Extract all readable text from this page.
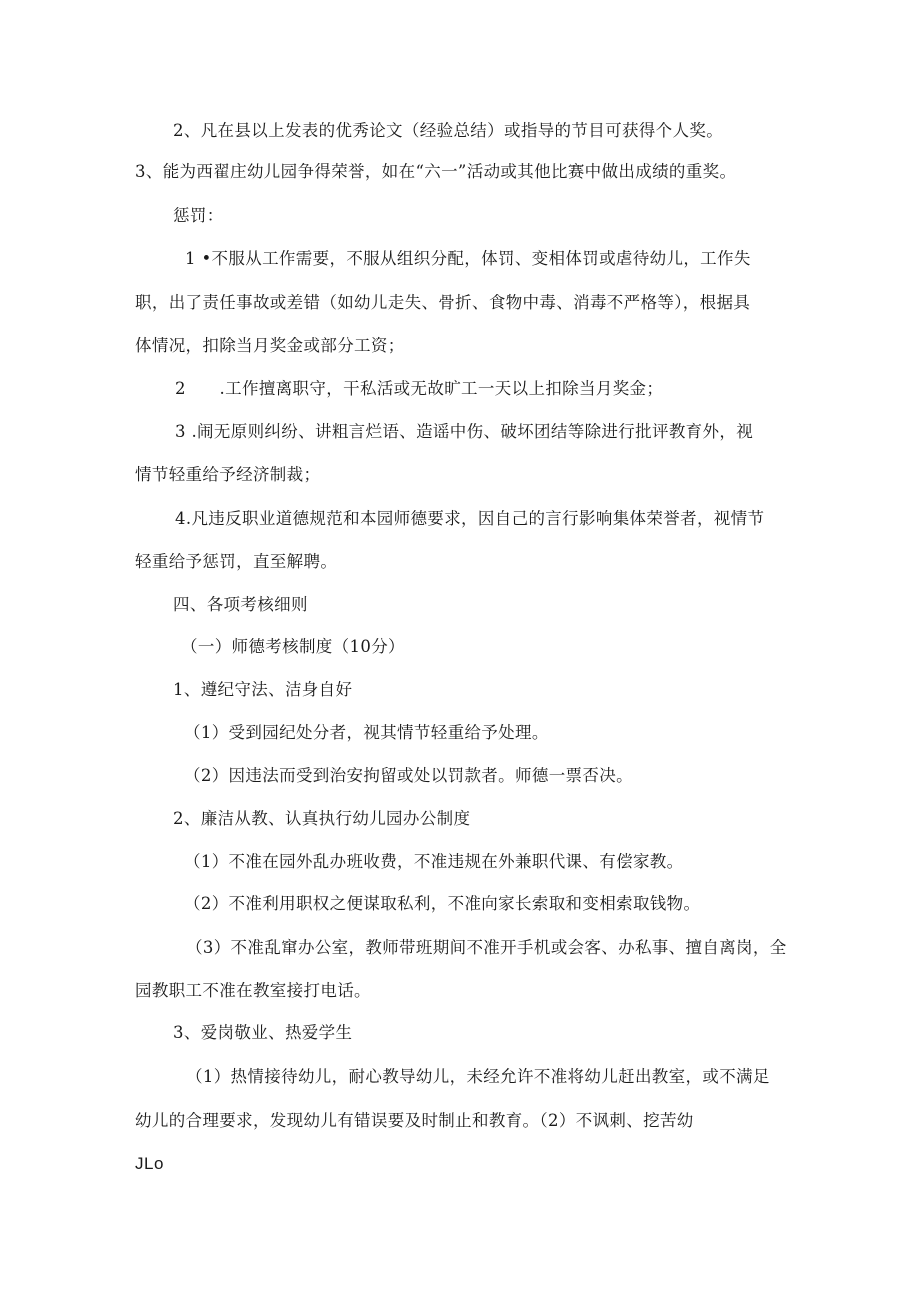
2、凡在县以上发表的优秀论文（经验总结）或指导的节目可获得个人奖。
3、能为西翟庄幼儿园争得荣誉，如在“六一”活动或其他比赛中做出成绩的重奖。
惩罚：
1 •不服从工作需要，不服从组织分配，体罚、变相体罚或虐待幼儿，工作失
职，出了责任事故或差错（如幼儿走失、骨折、食物中毒、消毒不严格等），根据具
体情况，扣除当月奖金或部分工资；
2　　.工作擅离职守，干私活或无故旷工一天以上扣除当月奖金；
3 .闹无原则纠纷、讲粗言烂语、造谣中伤、破坏团结等除进行批评教育外，视
情节轻重给予经济制裁；
4.凡违反职业道德规范和本园师德要求，因自己的言行影响集体荣誉者，视情节
轻重给予惩罚，直至解聘。
四、各项考核细则
（一）师德考核制度（10分）
1、遵纪守法、洁身自好
（1）受到园纪处分者，视其情节轻重给予处理。
（2）因违法而受到治安拘留或处以罚款者。师德一票否决。
2、廉洁从教、认真执行幼儿园办公制度
（1）不准在园外乱办班收费，不准违规在外兼职代课、有偿家教。
（2）不准利用职权之便谋取私利，不准向家长索取和变相索取钱物。
（3）不准乱窜办公室，教师带班期间不准开手机或会客、办私事、擅自离岗，全
园教职工不准在教室接打电话。
3、爱岗敬业、热爱学生
（1）热情接待幼儿，耐心教导幼儿，未经允许不准将幼儿赶出教室，或不满足
幼儿的合理要求，发现幼儿有错误要及时制止和教育。（2）不讽刺、挖苦幼
JLo
